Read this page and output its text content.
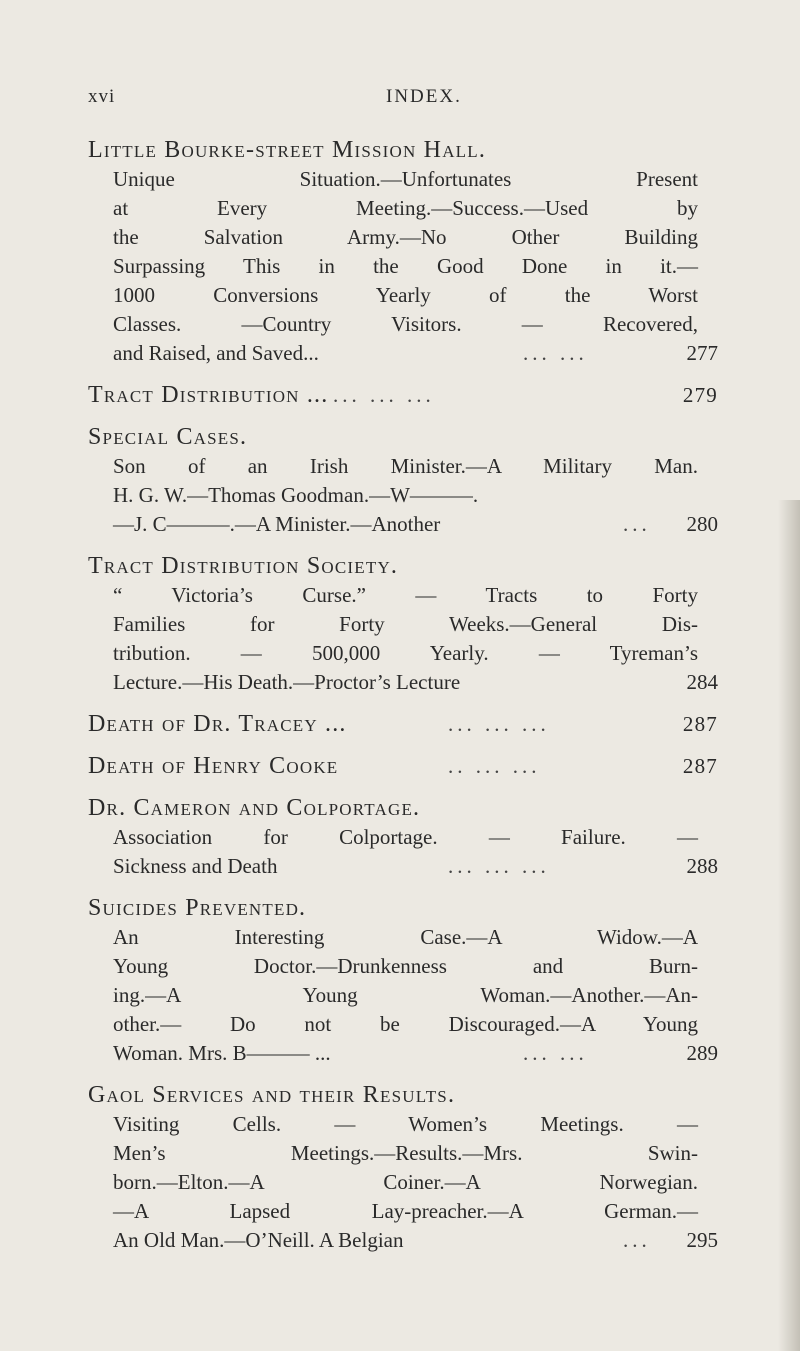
xvi	INDEX.
Little Bourke-street Mission Hall.
Unique Situation.—Unfortunates Present
at Every Meeting.—Success.—Used by
the Salvation Army.—No Other Building
Surpassing This in the Good Done in it.—
1000 Conversions Yearly of the Worst
Classes. —Country Visitors. — Recovered,
and Raised, and Saved...	... ...	277
Tract Distribution ... ... ... ...	279
Special Cases.
Son of an Irish Minister.—A Military Man.
H. G. W.—Thomas Goodman.—W———.
—J. C———.—A Minister.—Another	... 280
Tract Distribution Society.
“ Victoria’s Curse.” — Tracts to Forty
Families for Forty Weeks.—General Dis-
tribution. — 500,000 Yearly. — Tyreman’s
Lecture.—His Death.—Proctor’s Lecture	284
Death of Dr. Tracey ...	... ... ...	287
Death of Henry Cooke	.. ... ...	287
Dr. Cameron and Colportage.
Association for Colportage. — Failure. —
Sickness and Death	... ... ...	288
Suicides Prevented.
An Interesting Case.—A Widow.—A
Young Doctor.—Drunkenness and Burn-
ing.—A Young Woman.—Another.—An-
other.— Do not be Discouraged.—A Young
Woman. Mrs. B——— ...	... ...	289
Gaol Services and their Results.
Visiting Cells. — Women’s Meetings. —
Men’s Meetings.—Results.—Mrs. Swin-
born.—Elton.—A Coiner.—A Norwegian.
—A Lapsed Lay-preacher.—A German.—
An Old Man.—O’Neill. A Belgian	... 295
